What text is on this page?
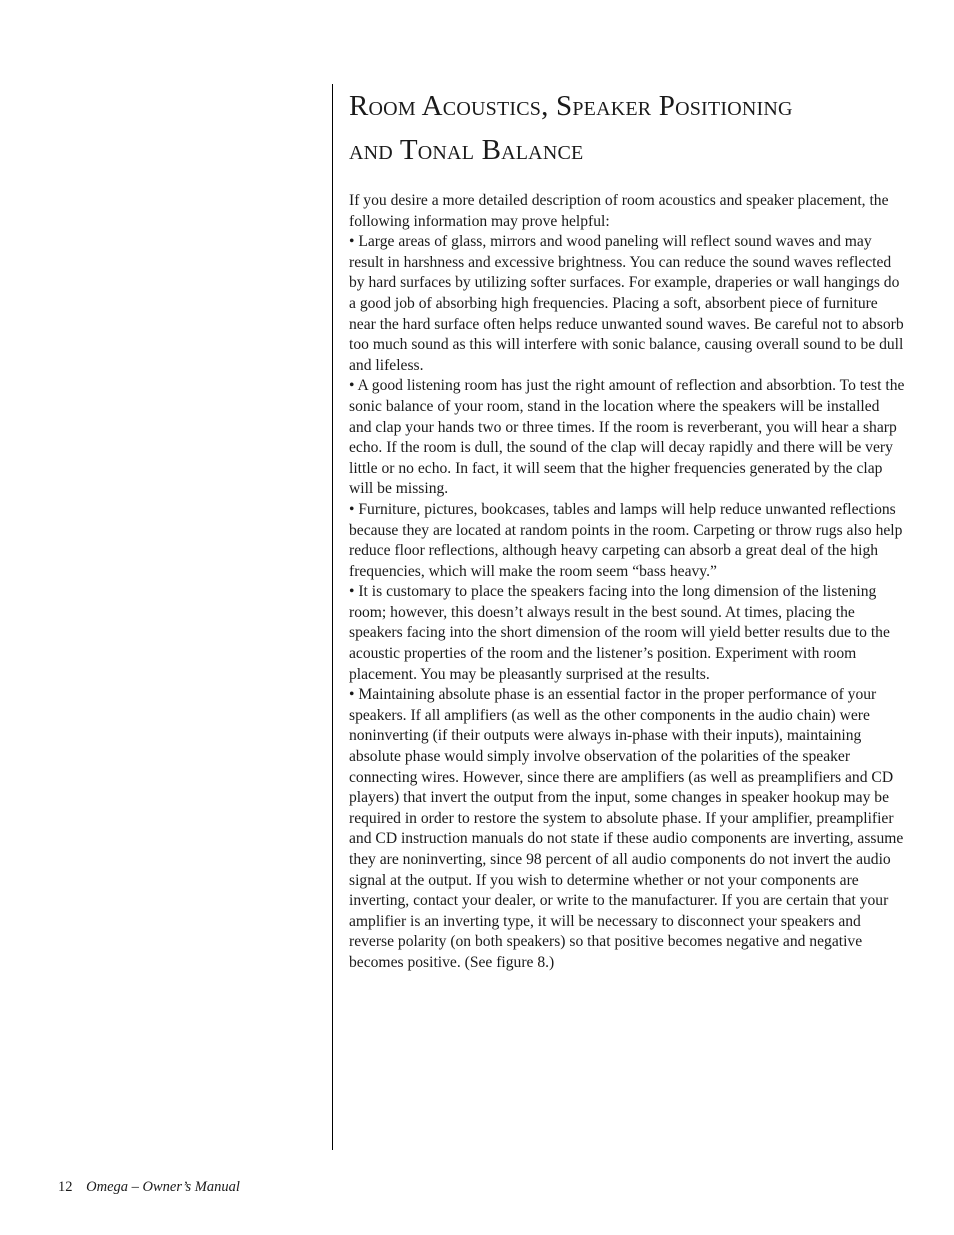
Room Acoustics, Speaker Positioning
and Tonal Balance

If you desire a more detailed description of room acoustics and speaker placement, the following information may prove helpful:

• Large areas of glass, mirrors and wood paneling will reflect sound waves and may result in harshness and excessive brightness. You can reduce the sound waves reflected by hard surfaces by utilizing softer surfaces. For example, draperies or wall hangings do a good job of absorbing high frequencies. Placing a soft, absorbent piece of furniture near the hard surface often helps reduce unwanted sound waves. Be careful not to absorb too much sound as this will interfere with sonic balance, causing overall sound to be dull and lifeless.

• A good listening room has just the right amount of reflection and absorbtion. To test the sonic balance of your room, stand in the location where the speakers will be installed and clap your hands two or three times. If the room is reverberant, you will hear a sharp echo. If the room is dull, the sound of the clap will decay rapidly and there will be very little or no echo. In fact, it will seem that the higher frequencies generated by the clap will be missing.

• Furniture, pictures, bookcases, tables and lamps will help reduce unwanted reflections because they are located at random points in the room. Carpeting or throw rugs also help reduce floor reflections, although heavy carpeting can absorb a great deal of the high frequencies, which will make the room seem “bass heavy.”

• It is customary to place the speakers facing into the long dimension of the listening room; however, this doesn’t always result in the best sound. At times, placing the speakers facing into the short dimension of the room will yield better results due to the acoustic properties of the room and the listener’s position. Experiment with room placement. You may be pleasantly surprised at the results.

• Maintaining absolute phase is an essential factor in the proper performance of your speakers. If all amplifiers (as well as the other components in the audio chain) were noninverting (if their outputs were always in-phase with their inputs), maintaining absolute phase would simply involve observation of the polarities of the speaker connecting wires. However, since there are amplifiers (as well as preamplifiers and CD players) that invert the output from the input, some changes in speaker hookup may be required in order to restore the system to absolute phase. If your amplifier, preamplifier and CD instruction manuals do not state if these audio components are inverting, assume they are noninverting, since 98 percent of all audio components do not invert the audio signal at the output. If you wish to determine whether or not your components are inverting, contact your dealer, or write to the manufacturer. If you are certain that your amplifier is an inverting type, it will be necessary to disconnect your speakers and reverse polarity (on both speakers) so that positive becomes negative and negative becomes positive. (See figure 8.)

12 Omega – Owner’s Manual
